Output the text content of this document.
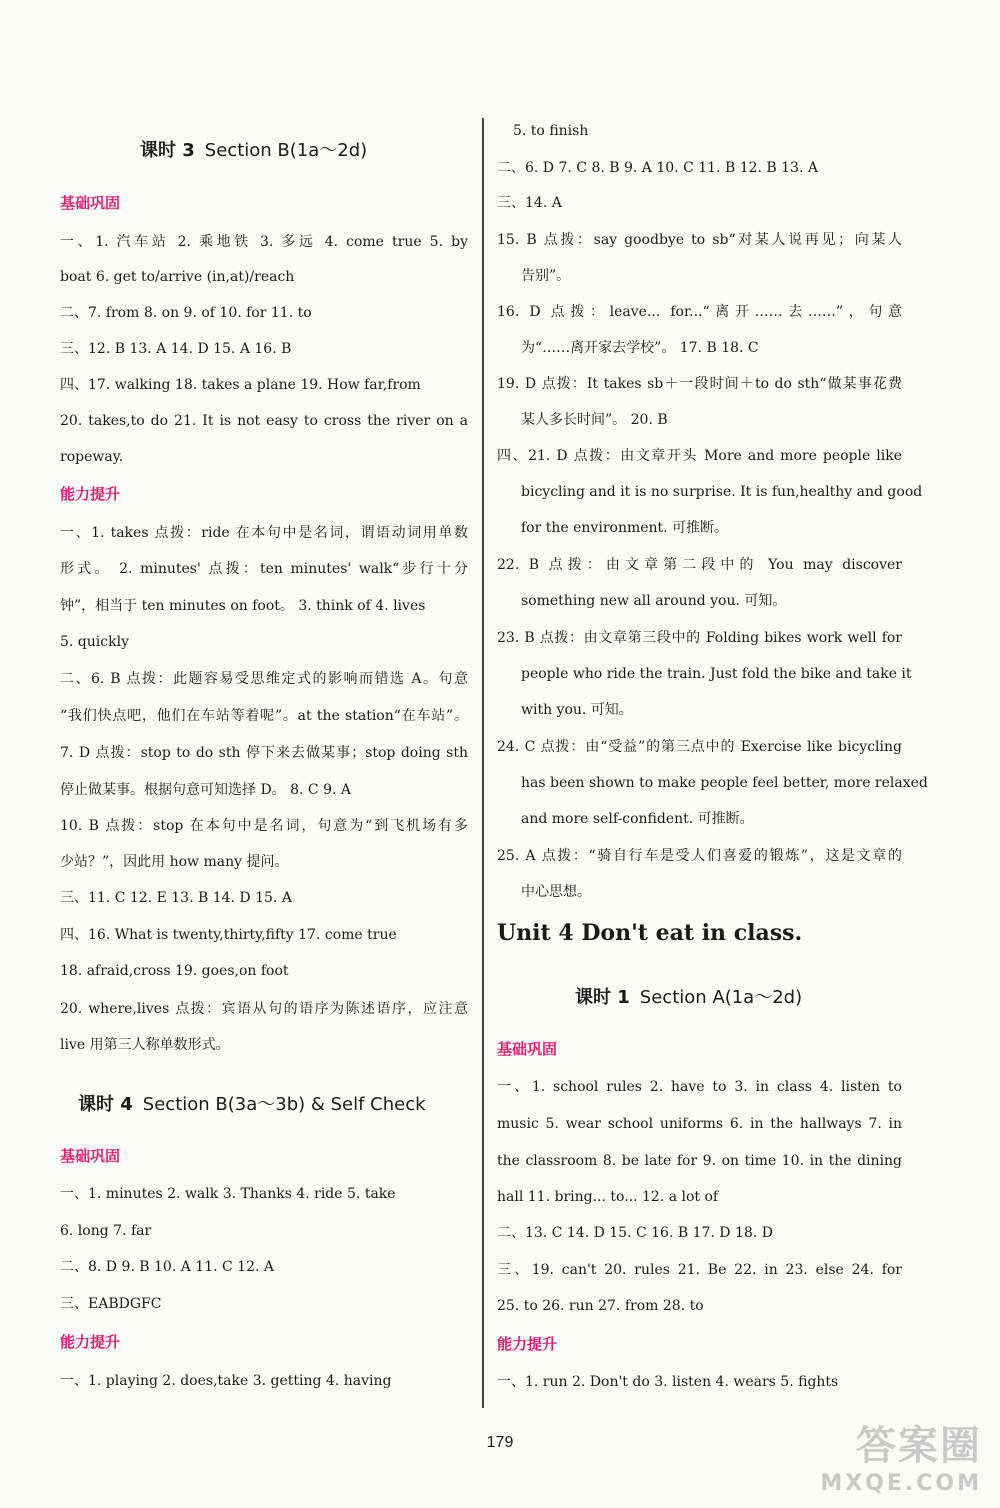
课时 3 Section B(1a～2d)
基础巩固
一、1. 汽车站 2. 乘地铁 3. 多远 4. come true 5. by
boat 6. get to/arrive (in,at)/reach
二、7. from 8. on 9. of 10. for 11. to
三、12. B 13. A 14. D 15. A 16. B
四、17. walking 18. takes a plane 19. How far,from
20. takes,to do 21. It is not easy to cross the river on a
ropeway.
能力提升
一、1. takes 点拨：ride 在本句中是名词，谓语动词用单数
形式。 2. minutes' 点拨：ten minutes' walk“步行十分
钟”，相当于 ten minutes on foot。 3. think of 4. lives
5. quickly
二、6. B 点拨：此题容易受思维定式的影响而错选 A。句意
“我们快点吧，他们在车站等着呢”。at the station“在车站”。
7. D 点拨：stop to do sth 停下来去做某事；stop doing sth
停止做某事。根据句意可知选择 D。 8. C 9. A
10. B 点拨：stop 在本句中是名词，句意为“到飞机场有多
少站？”，因此用 how many 提问。
三、11. C 12. E 13. B 14. D 15. A
四、16. What is twenty,thirty,fifty 17. come true
18. afraid,cross 19. goes,on foot
20. where,lives 点拨：宾语从句的语序为陈述语序，应注意
live 用第三人称单数形式。
课时 4 Section B(3a～3b) & Self Check
基础巩固
一、1. minutes 2. walk 3. Thanks 4. ride 5. take
6. long 7. far
二、8. D 9. B 10. A 11. C 12. A
三、EABDGFC
能力提升
一、1. playing 2. does,take 3. getting 4. having
5. to finish
二、6. D 7. C 8. B 9. A 10. C 11. B 12. B 13. A
三、14. A
15. B 点拨：say goodbye to sb“对某人说再见；向某人
告别”。
16. D 点拨：leave... for...“离开……去……”，句意
为“……离开家去学校”。 17. B 18. C
19. D 点拨：It takes sb＋一段时间＋to do sth“做某事花费
某人多长时间”。 20. B
四、21. D 点拨：由文章开头 More and more people like
bicycling and it is no surprise. It is fun,healthy and good
for the environment. 可推断。
22. B 点拨：由文章第二段中的 You may discover
something new all around you. 可知。
23. B 点拨：由文章第三段中的 Folding bikes work well for
people who ride the train. Just fold the bike and take it
with you. 可知。
24. C 点拨：由“受益”的第三点中的 Exercise like bicycling
has been shown to make people feel better, more relaxed
and more self-confident. 可推断。
25. A 点拨：“骑自行车是受人们喜爱的锻炼”，这是文章的
中心思想。
Unit 4 Don't eat in class.
课时 1 Section A(1a～2d)
基础巩固
一、1. school rules 2. have to 3. in class 4. listen to
music 5. wear school uniforms 6. in the hallways 7. in
the classroom 8. be late for 9. on time 10. in the dining
hall 11. bring... to... 12. a lot of
二、13. C 14. D 15. C 16. B 17. D 18. D
三、19. can't 20. rules 21. Be 22. in 23. else 24. for
25. to 26. run 27. from 28. to
能力提升
一、1. run 2. Don't do 3. listen 4. wears 5. fights
179	答案圈
MXQE.COM
